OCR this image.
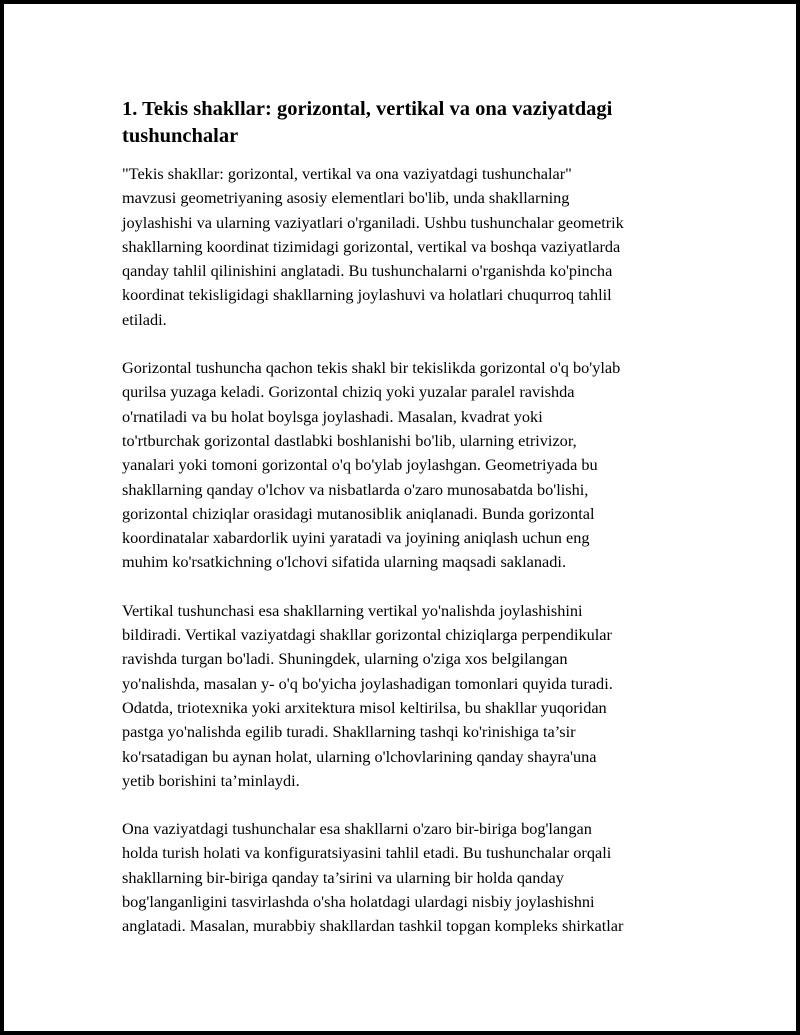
1. Tekis shakllar: gorizontal, vertikal va ona vaziyatdagi
tushunchalar

"Tekis shakllar: gorizontal, vertikal va ona vaziyatdagi tushunchalar"
mavzusi geometriyaning asosiy elementlari bo'lib, unda shakllarning
joylashishi va ularning vaziyatlari o'rganiladi. Ushbu tushunchalar geometrik
shakllarning koordinat tizimidagi gorizontal, vertikal va boshqa vaziyatlarda
qanday tahlil qilinishini anglatadi. Bu tushunchalarni o'rganishda ko'pincha
koordinat tekisligidagi shakllarning joylashuvi va holatlari chuqurroq tahlil
etiladi.

Gorizontal tushuncha qachon tekis shakl bir tekislikda gorizontal o'q bo'ylab
qurilsa yuzaga keladi. Gorizontal chiziq yoki yuzalar paralel ravishda
o'rnatiladi va bu holat boylsga joylashadi. Masalan, kvadrat yoki
to'rtburchak gorizontal dastlabki boshlanishi bo'lib, ularning etrivizor,
yanalari yoki tomoni gorizontal o'q bo'ylab joylashgan. Geometriyada bu
shakllarning qanday o'lchov va nisbatlarda o'zaro munosabatda bo'lishi,
gorizontal chiziqlar orasidagi mutanosiblik aniqlanadi. Bunda gorizontal
koordinatalar xabardorlik uyini yaratadi va joyining aniqlash uchun eng
muhim ko'rsatkichning o'lchovi sifatida ularning maqsadi saklanadi.

Vertikal tushunchasi esa shakllarning vertikal yo'nalishda joylashishini
bildiradi. Vertikal vaziyatdagi shakllar gorizontal chiziqlarga perpendikular
ravishda turgan bo'ladi. Shuningdek, ularning o'ziga xos belgilangan
yo'nalishda, masalan y- o'q bo'yicha joylashadigan tomonlari quyida turadi.
Odatda, triotexnika yoki arxitektura misol keltirilsa, bu shakllar yuqoridan
pastga yo'nalishda egilib turadi. Shakllarning tashqi ko'rinishiga ta’sir
ko'rsatadigan bu aynan holat, ularning o'lchovlarining qanday shayra'una
yetib borishini ta’minlaydi.

Ona vaziyatdagi tushunchalar esa shakllarni o'zaro bir-biriga bog'langan
holda turish holati va konfiguratsiyasini tahlil etadi. Bu tushunchalar orqali
shakllarning bir-biriga qanday ta’sirini va ularning bir holda qanday
bog'langanligini tasvirlashda o'sha holatdagi ulardagi nisbiy joylashishni
anglatadi. Masalan, murabbiy shakllardan tashkil topgan kompleks shirkatlar
